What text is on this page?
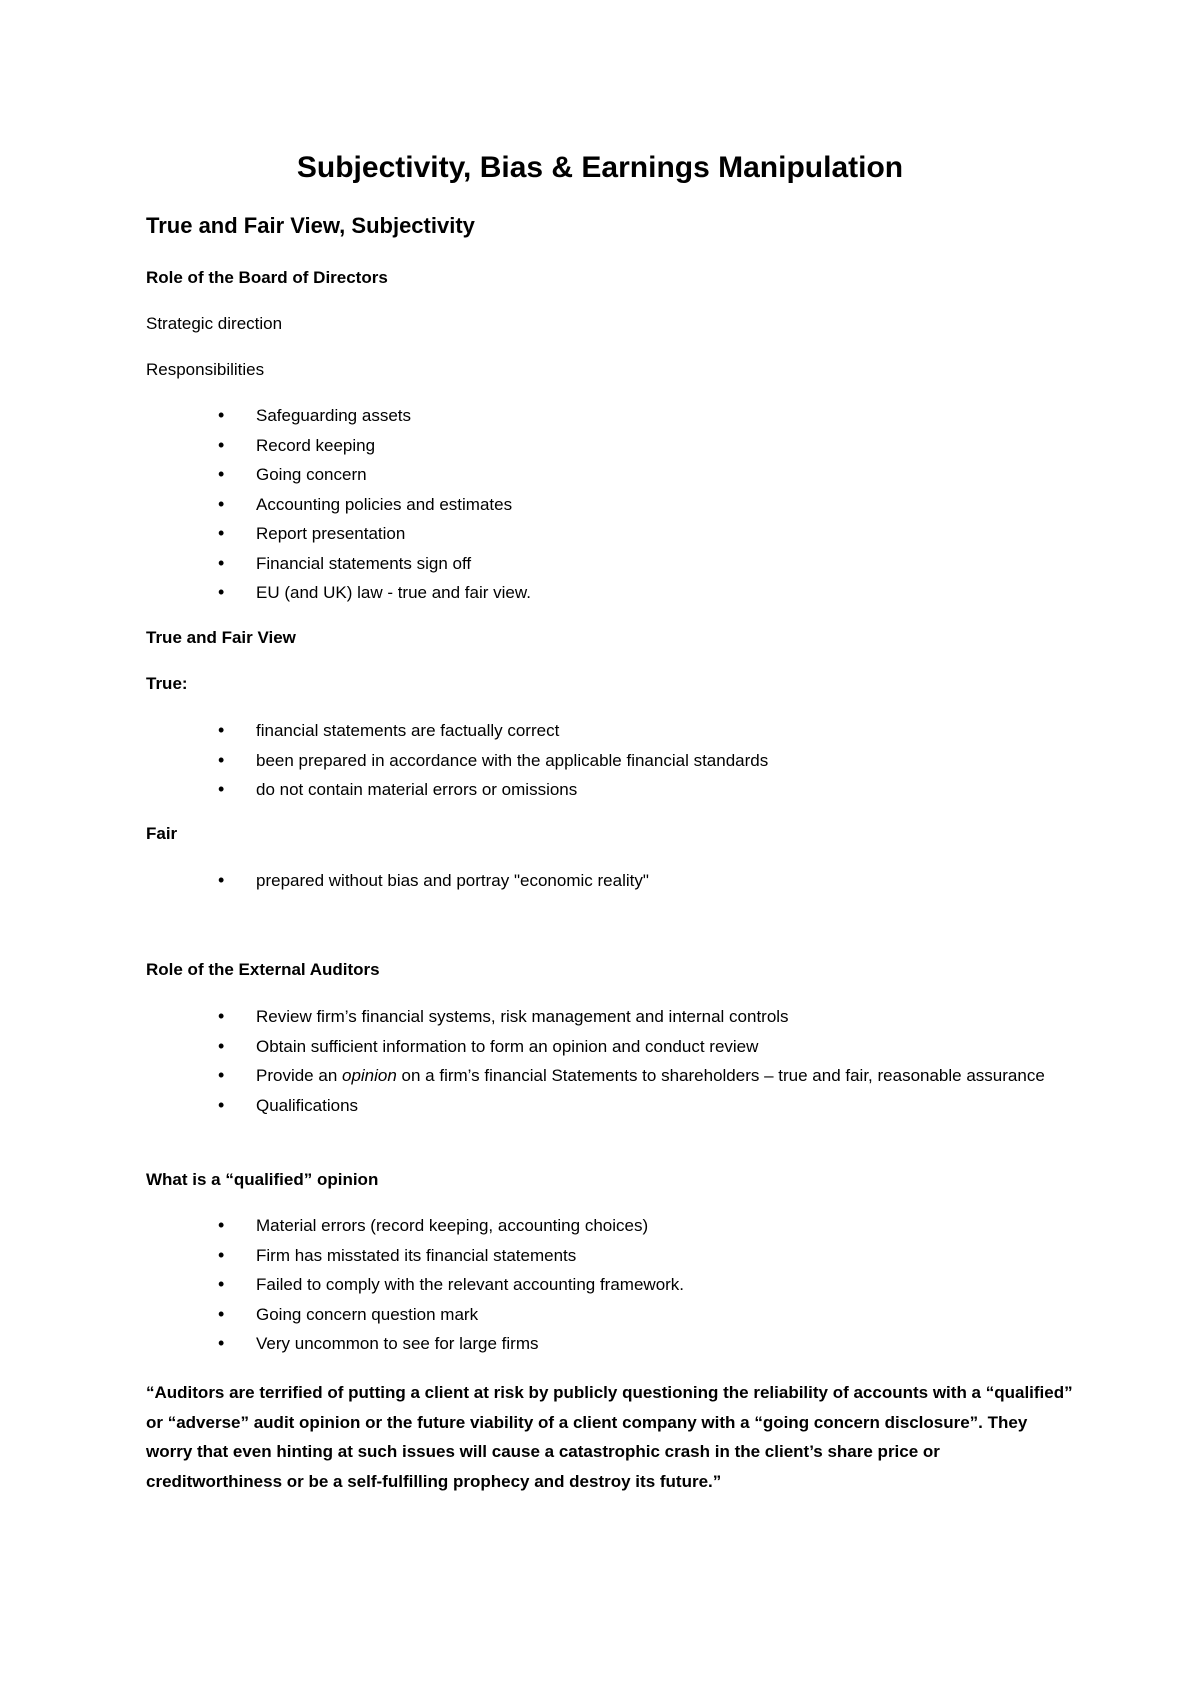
Subjectivity, Bias & Earnings Manipulation
True and Fair View, Subjectivity
Role of the Board of Directors
Strategic direction
Responsibilities
• Safeguarding assets
• Record keeping
• Going concern
• Accounting policies and estimates
• Report presentation
• Financial statements sign off
• EU (and UK) law - true and fair view.
True and Fair View
True:
• financial statements are factually correct
• been prepared in accordance with the applicable financial standards
• do not contain material errors or omissions
Fair
• prepared without bias and portray "economic reality"
Role of the External Auditors
• Review firm’s financial systems, risk management and internal controls
• Obtain sufficient information to form an opinion and conduct review
• Provide an opinion on a firm’s financial Statements to shareholders – true and fair, reasonable assurance
• Qualifications
What is a “qualified” opinion
• Material errors (record keeping, accounting choices)
• Firm has misstated its financial statements
• Failed to comply with the relevant accounting framework.
• Going concern question mark
• Very uncommon to see for large firms
“Auditors are terrified of putting a client at risk by publicly questioning the reliability of accounts with a “qualified” or “adverse” audit opinion or the future viability of a client company with a “going concern disclosure”. They worry that even hinting at such issues will cause a catastrophic crash in the client’s share price or creditworthiness or be a self-fulfilling prophecy and destroy its future.”
